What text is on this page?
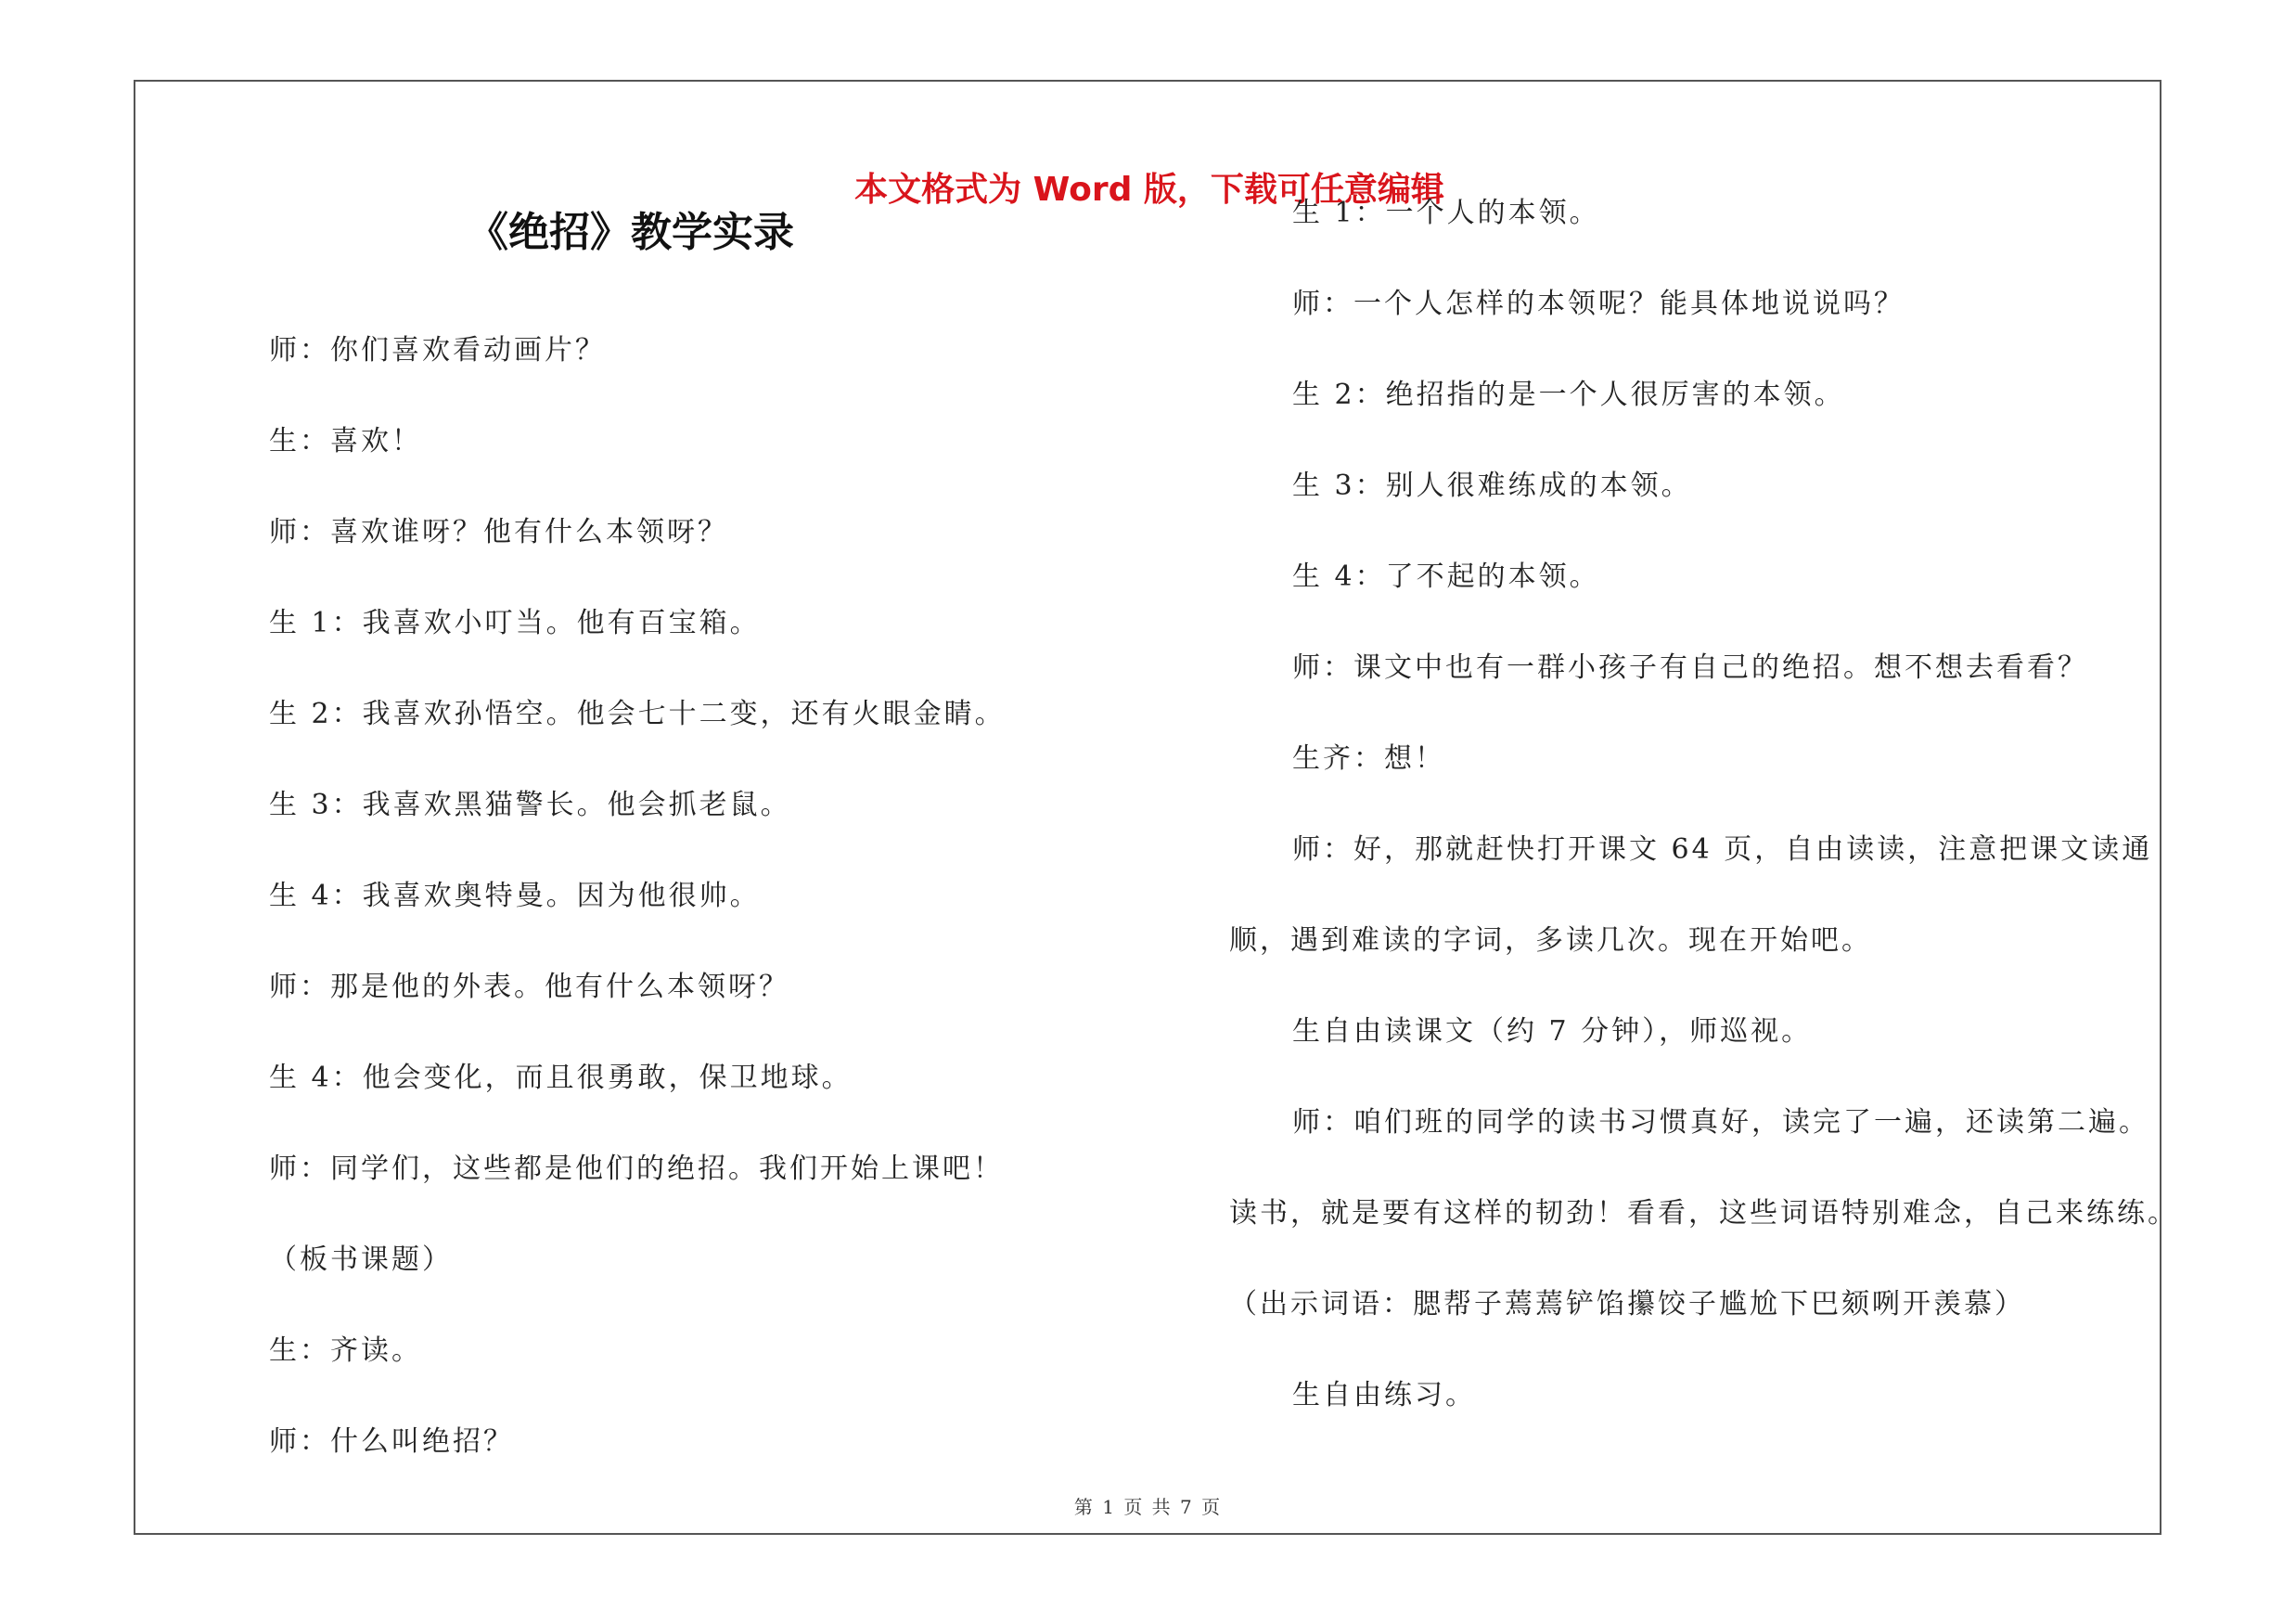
本文格式为 Word 版，下载可任意编辑
《绝招》教学实录

师：你们喜欢看动画片？

生：喜欢！

师：喜欢谁呀？他有什么本领呀？

生 1：我喜欢小叮当。他有百宝箱。

生 2：我喜欢孙悟空。他会七十二变，还有火眼金睛。

生 3：我喜欢黑猫警长。他会抓老鼠。

生 4：我喜欢奥特曼。因为他很帅。

师：那是他的外表。他有什么本领呀？

生 4：他会变化，而且很勇敢，保卫地球。

师：同学们，这些都是他们的绝招。我们开始上课吧！

（板书课题）

生：齐读。

师：什么叫绝招？

生 1：一个人的本领。

师：一个人怎样的本领呢？能具体地说说吗？

生 2：绝招指的是一个人很厉害的本领。

生 3：别人很难练成的本领。

生 4：了不起的本领。

师：课文中也有一群小孩子有自己的绝招。想不想去看看？

生齐：想！

师：好，那就赶快打开课文 64 页，自由读读，注意把课文读通

顺，遇到难读的字词，多读几次。现在开始吧。

生自由读课文（约 7 分钟），师巡视。

师：咱们班的同学的读书习惯真好，读完了一遍，还读第二遍。

读书，就是要有这样的韧劲！看看，这些词语特别难念，自己来练练。

（出示词语：腮帮子蔫蔫铲馅攥饺子尴尬下巴颏咧开羡慕）

生自由练习。

第 1 页 共 7 页
